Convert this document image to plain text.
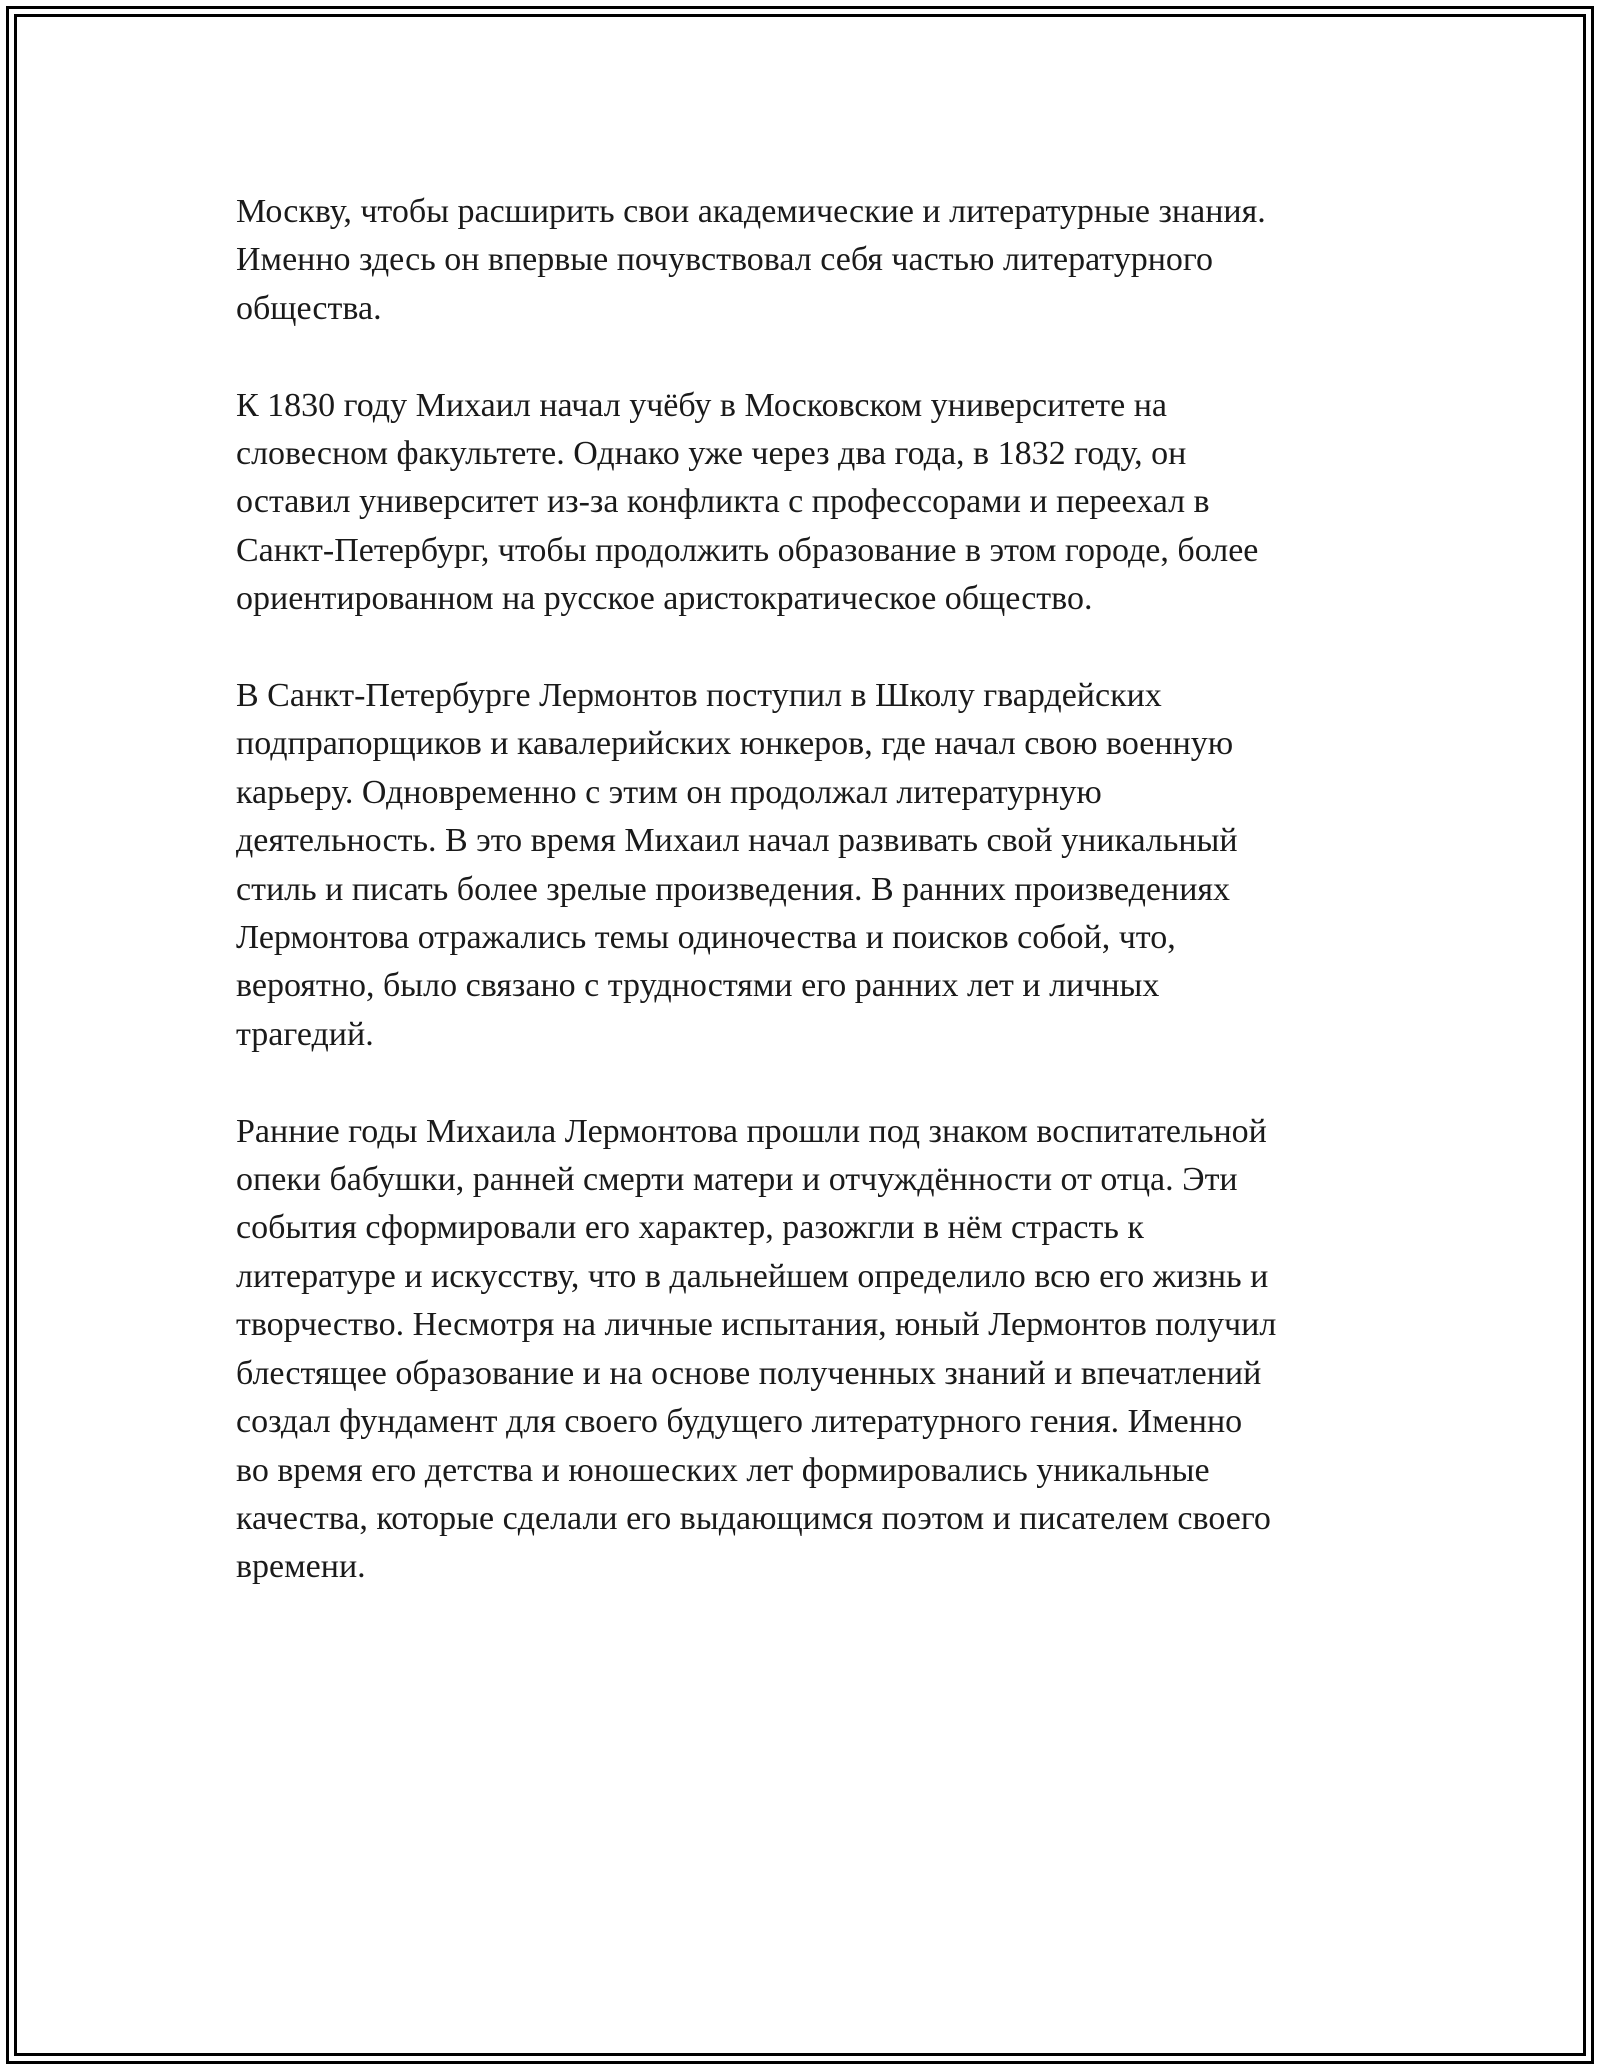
Москву, чтобы расширить свои академические и литературные знания.
Именно здесь он впервые почувствовал себя частью литературного
общества.

К 1830 году Михаил начал учёбу в Московском университете на
словесном факультете. Однако уже через два года, в 1832 году, он
оставил университет из-за конфликта с профессорами и переехал в
Санкт-Петербург, чтобы продолжить образование в этом городе, более
ориентированном на русское аристократическое общество.

В Санкт-Петербурге Лермонтов поступил в Школу гвардейских
подпрапорщиков и кавалерийских юнкеров, где начал свою военную
карьеру. Одновременно с этим он продолжал литературную
деятельность. В это время Михаил начал развивать свой уникальный
стиль и писать более зрелые произведения. В ранних произведениях
Лермонтова отражались темы одиночества и поисков собой, что,
вероятно, было связано с трудностями его ранних лет и личных
трагедий.

Ранние годы Михаила Лермонтова прошли под знаком воспитательной
опеки бабушки, ранней смерти матери и отчуждённости от отца. Эти
события сформировали его характер, разожгли в нём страсть к
литературе и искусству, что в дальнейшем определило всю его жизнь и
творчество. Несмотря на личные испытания, юный Лермонтов получил
блестящее образование и на основе полученных знаний и впечатлений
создал фундамент для своего будущего литературного гения. Именно
во время его детства и юношеских лет формировались уникальные
качества, которые сделали его выдающимся поэтом и писателем своего
времени.
